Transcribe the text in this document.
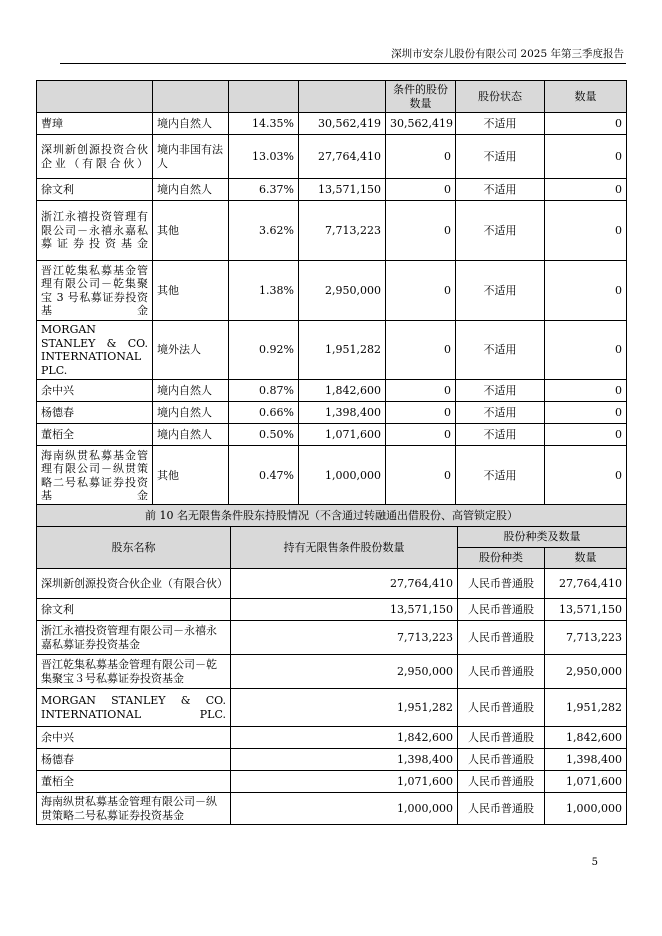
深圳市安奈儿股份有限公司 2025 年第三季度报告
				条件的股份数量	股份状态	数量
曹璋	境内自然人	14.35%	30,562,419	30,562,419	不适用	0
深圳新创源投资合伙企业（有限合伙）	境内非国有法人	13.03%	27,764,410	0	不适用	0
徐文利	境内自然人	6.37%	13,571,150	0	不适用	0
浙江永禧投资管理有限公司－永禧永嘉私募证券投资基金	其他	3.62%	7,713,223	0	不适用	0
晋江乾集私募基金管理有限公司－乾集聚宝 3 号私募证券投资基金	其他	1.38%	2,950,000	0	不适用	0
MORGAN STANLEY & CO. INTERNATIONAL PLC.	境外法人	0.92%	1,951,282	0	不适用	0
余中兴	境内自然人	0.87%	1,842,600	0	不适用	0
杨德春	境内自然人	0.66%	1,398,400	0	不适用	0
董栢全	境内自然人	0.50%	1,071,600	0	不适用	0
海南纵贯私募基金管理有限公司－纵贯策略二号私募证券投资基金	其他	0.47%	1,000,000	0	不适用	0
前 10 名无限售条件股东持股情况（不含通过转融通出借股份、高管锁定股）			
股东名称	持有无限售条件股份数量	股份种类及数量	
		股份种类	数量
深圳新创源投资合伙企业（有限合伙）	27,764,410	人民币普通股	27,764,410
徐文利	13,571,150	人民币普通股	13,571,150
浙江永禧投资管理有限公司－永禧永嘉私募证券投资基金	7,713,223	人民币普通股	7,713,223
晋江乾集私募基金管理有限公司－乾集聚宝３号私募证券投资基金	2,950,000	人民币普通股	2,950,000
MORGAN STANLEY & CO. INTERNATIONAL PLC.	1,951,282	人民币普通股	1,951,282
余中兴	1,842,600	人民币普通股	1,842,600
杨德春	1,398,400	人民币普通股	1,398,400
董栢全	1,071,600	人民币普通股	1,071,600
海南纵贯私募基金管理有限公司－纵贯策略二号私募证券投资基金	1,000,000	人民币普通股	1,000,000
5
